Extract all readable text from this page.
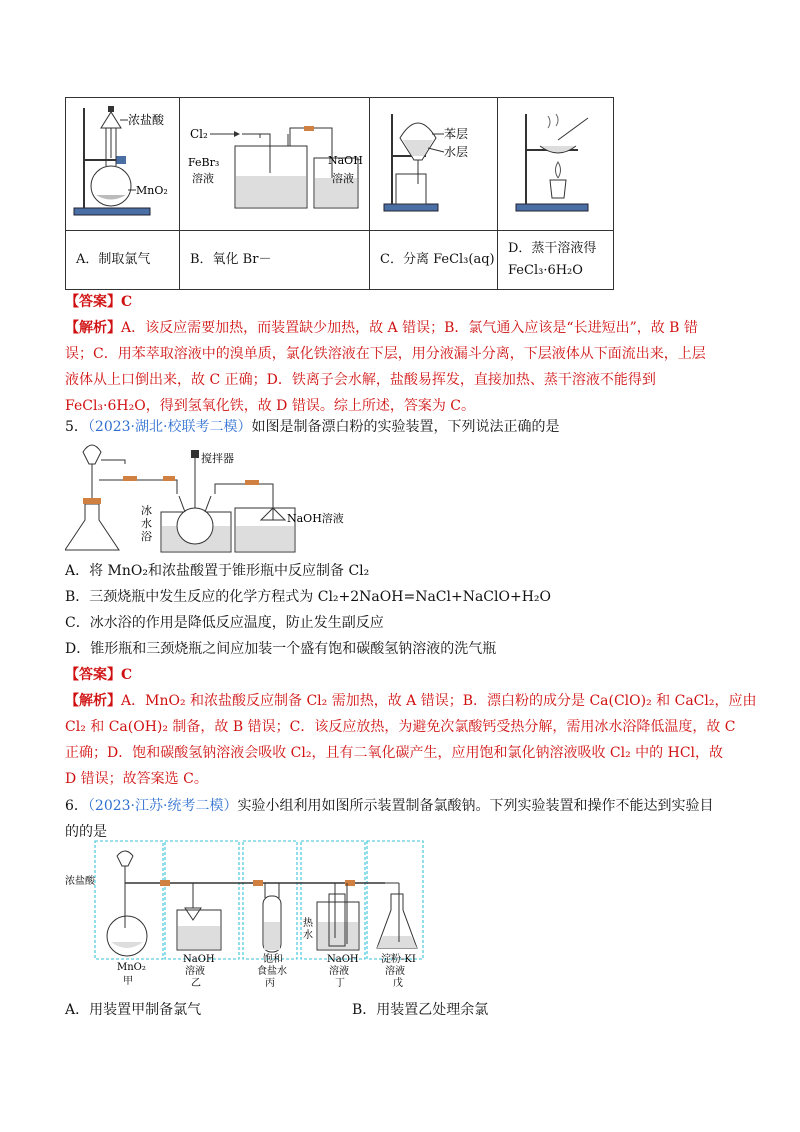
浓盐酸
MnO₂	Cl₂
FeBr₃
溶液
NaOH
溶液	苯层
水层

A．制取氯气	B．氧化 Br－	C．分离 FeCl₃(aq)	D．蒸干溶液得
FeCl₃·6H₂O
【答案】C
【解析】A．该反应需要加热，而装置缺少加热，故 A 错误；B．氯气通入应该是“长进短出”，故 B 错
误；C．用苯萃取溶液中的溴单质，氯化铁溶液在下层，用分液漏斗分离，下层液体从下面流出来，上层
液体从上口倒出来，故 C 正确；D．铁离子会水解，盐酸易挥发，直接加热、蒸干溶液不能得到
FeCl₃·6H₂O，得到氢氧化铁，故 D 错误。综上所述，答案为 C。
5．（2023·湖北·校联考二模）如图是制备漂白粉的实验装置，下列说法正确的是
搅拌器
冰
水
浴
NaOH溶液
A．将 MnO₂和浓盐酸置于锥形瓶中反应制备 Cl₂
B．三颈烧瓶中发生反应的化学方程式为 Cl₂+2NaOH=NaCl+NaClO+H₂O
C．冰水浴的作用是降低反应温度，防止发生副反应
D．锥形瓶和三颈烧瓶之间应加装一个盛有饱和碳酸氢钠溶液的洗气瓶
【答案】C
【解析】A．MnO₂ 和浓盐酸反应制备 Cl₂ 需加热，故 A 错误；B．漂白粉的成分是 Ca(ClO)₂ 和 CaCl₂，应由
Cl₂ 和 Ca(OH)₂ 制备，故 B 错误；C．该反应放热，为避免次氯酸钙受热分解，需用冰水浴降低温度，故 C
正确；D．饱和碳酸氢钠溶液会吸收 Cl₂，且有二氧化碳产生，应用饱和氯化钠溶液吸收 Cl₂ 中的 HCl，故
D 错误；故答案选 C。
6．（2023·江苏·统考二模）实验小组利用如图所示装置制备氯酸钠。下列实验装置和操作不能达到实验目
的的是
浓盐酸
MnO₂
甲
NaOH
溶液
乙
饱和
食盐水
丙
热
水
NaOH
溶液
丁
淀粉-KI
溶液
戊
A．用装置甲制备氯气	B．用装置乙处理余氯
